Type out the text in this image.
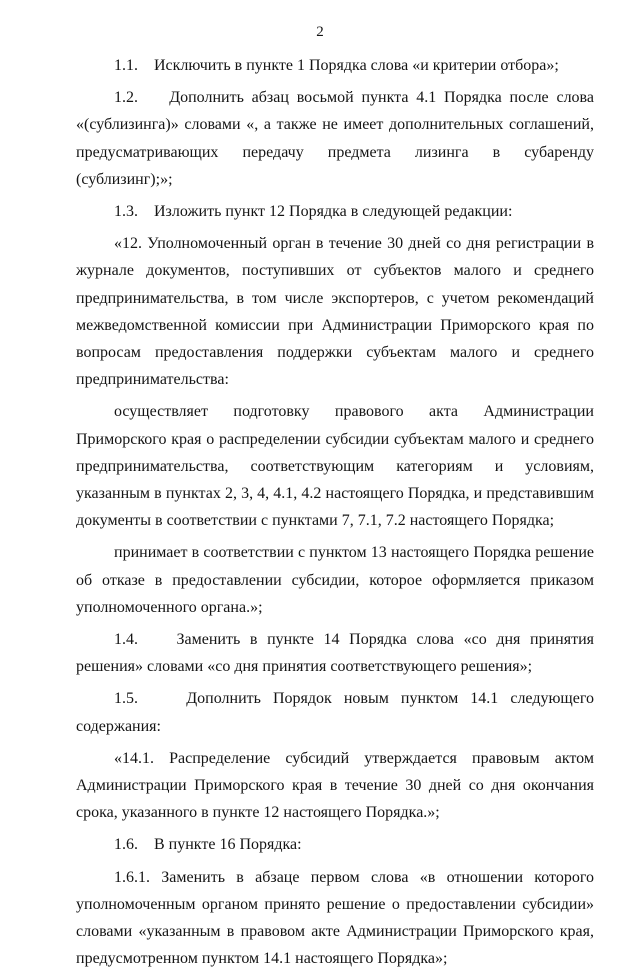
2

1.1.    Исключить в пункте 1 Порядка слова «и критерии отбора»;

1.2.    Дополнить абзац восьмой пункта 4.1 Порядка после слова «(сублизинга)» словами «, а также не имеет дополнительных соглашений, предусматривающих передачу предмета лизинга в субаренду (сублизинг);»;

1.3.    Изложить пункт 12 Порядка в следующей редакции:

«12. Уполномоченный орган в течение 30 дней со дня регистрации в журнале документов, поступивших от субъектов малого и среднего предпринимательства, в том числе экспортеров, с учетом рекомендаций межведомственной комиссии при Администрации Приморского края по вопросам предоставления поддержки субъектам малого и среднего предпринимательства:

осуществляет подготовку правового акта Администрации Приморского края о распределении субсидии субъектам малого и среднего предпринимательства, соответствующим категориям и условиям, указанным в пунктах 2, 3, 4, 4.1, 4.2 настоящего Порядка, и представившим документы в соответствии с пунктами 7, 7.1, 7.2 настоящего Порядка;

принимает в соответствии с пунктом 13 настоящего Порядка решение об отказе в предоставлении субсидии, которое оформляется приказом уполномоченного органа.»;

1.4.    Заменить в пункте 14 Порядка слова «со дня принятия решения» словами «со дня принятия соответствующего решения»;

1.5.    Дополнить Порядок новым пунктом 14.1 следующего содержания:

«14.1. Распределение субсидий утверждается правовым актом Администрации Приморского края в течение 30 дней со дня окончания срока, указанного в пункте 12 настоящего Порядка.»;

1.6.    В пункте 16 Порядка:

1.6.1. Заменить в абзаце первом слова «в отношении которого уполномоченным органом принято решение о предоставлении субсидии» словами «указанным в правовом акте Администрации Приморского края, предусмотренном пунктом 14.1 настоящего Порядка»;
